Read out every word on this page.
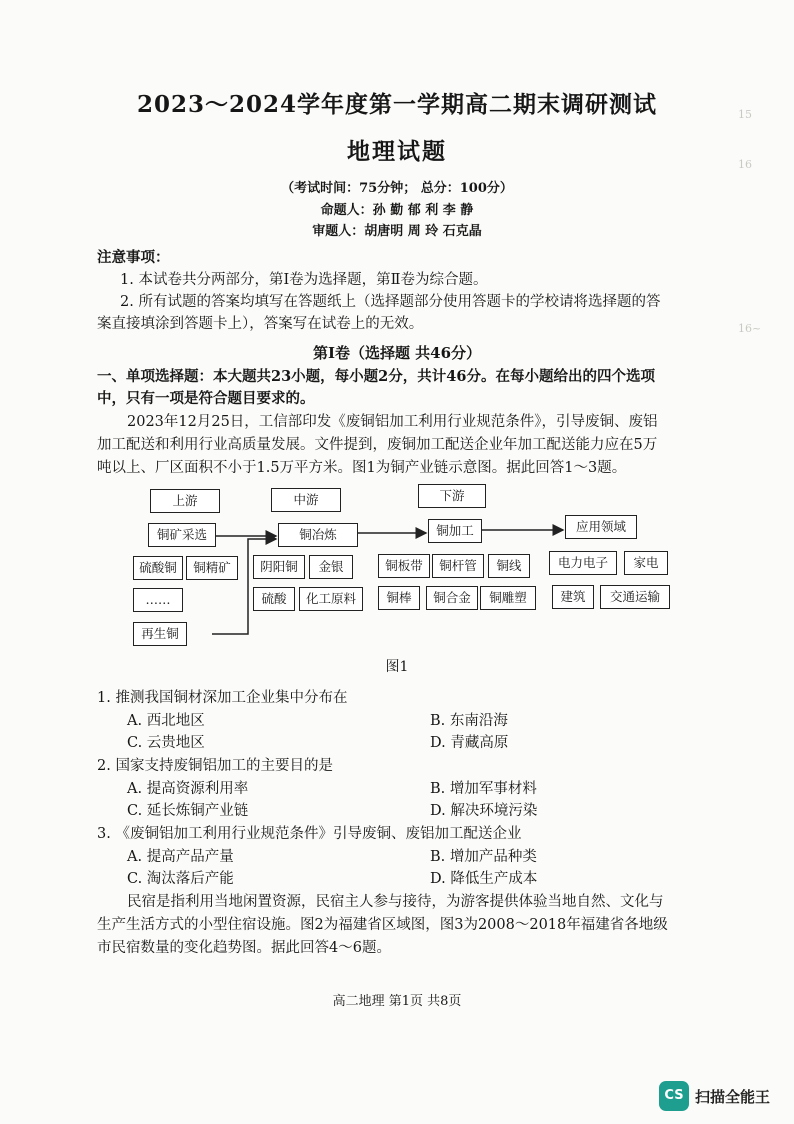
15
16
16~
2023～2024学年度第一学期高二期末调研测试
地理试题
（考试时间：75分钟； 总分：100分）
命题人：孙 勤 郁 利 李 静
审题人：胡唐明 周 玲 石克晶
注意事项：
1. 本试卷共分两部分，第Ⅰ卷为选择题，第Ⅱ卷为综合题。
2. 所有试题的答案均填写在答题纸上（选择题部分使用答题卡的学校请将选择题的答
案直接填涂到答题卡上），答案写在试卷上的无效。
第Ⅰ卷（选择题 共46分）
一、单项选择题：本大题共23小题，每小题2分，共计46分。在每小题给出的四个选项
中，只有一项是符合题目要求的。
2023年12月25日，工信部印发《废铜铝加工利用行业规范条件》，引导废铜、废铝
加工配送和利用行业高质量发展。文件提到，废铜加工配送企业年加工配送能力应在5万
吨以上、厂区面积不小于1.5万平方米。图1为铜产业链示意图。据此回答1～3题。
上游	中游	下游
铜矿采选	铜冶炼	铜加工	应用领域
硫酸铜	铜精矿
……
再生铜
阴阳铜	金银
硫酸	化工原料
铜板带	铜杆管	铜线
铜棒	铜合金	铜雕塑
电力电子	家电
建筑	交通运输
图1
1. 推测我国铜材深加工企业集中分布在
A. 西北地区	B. 东南沿海
C. 云贵地区	D. 青藏高原
2. 国家支持废铜铝加工的主要目的是
A. 提高资源利用率	B. 增加军事材料
C. 延长炼铜产业链	D. 解决环境污染
3. 《废铜铝加工利用行业规范条件》引导废铜、废铝加工配送企业
A. 提高产品产量	B. 增加产品种类
C. 淘汰落后产能	D. 降低生产成本
民宿是指利用当地闲置资源，民宿主人参与接待，为游客提供体验当地自然、文化与
生产生活方式的小型住宿设施。图2为福建省区域图，图3为2008～2018年福建省各地级
市民宿数量的变化趋势图。据此回答4～6题。
高二地理 第1页 共8页
CS 扫描全能王
